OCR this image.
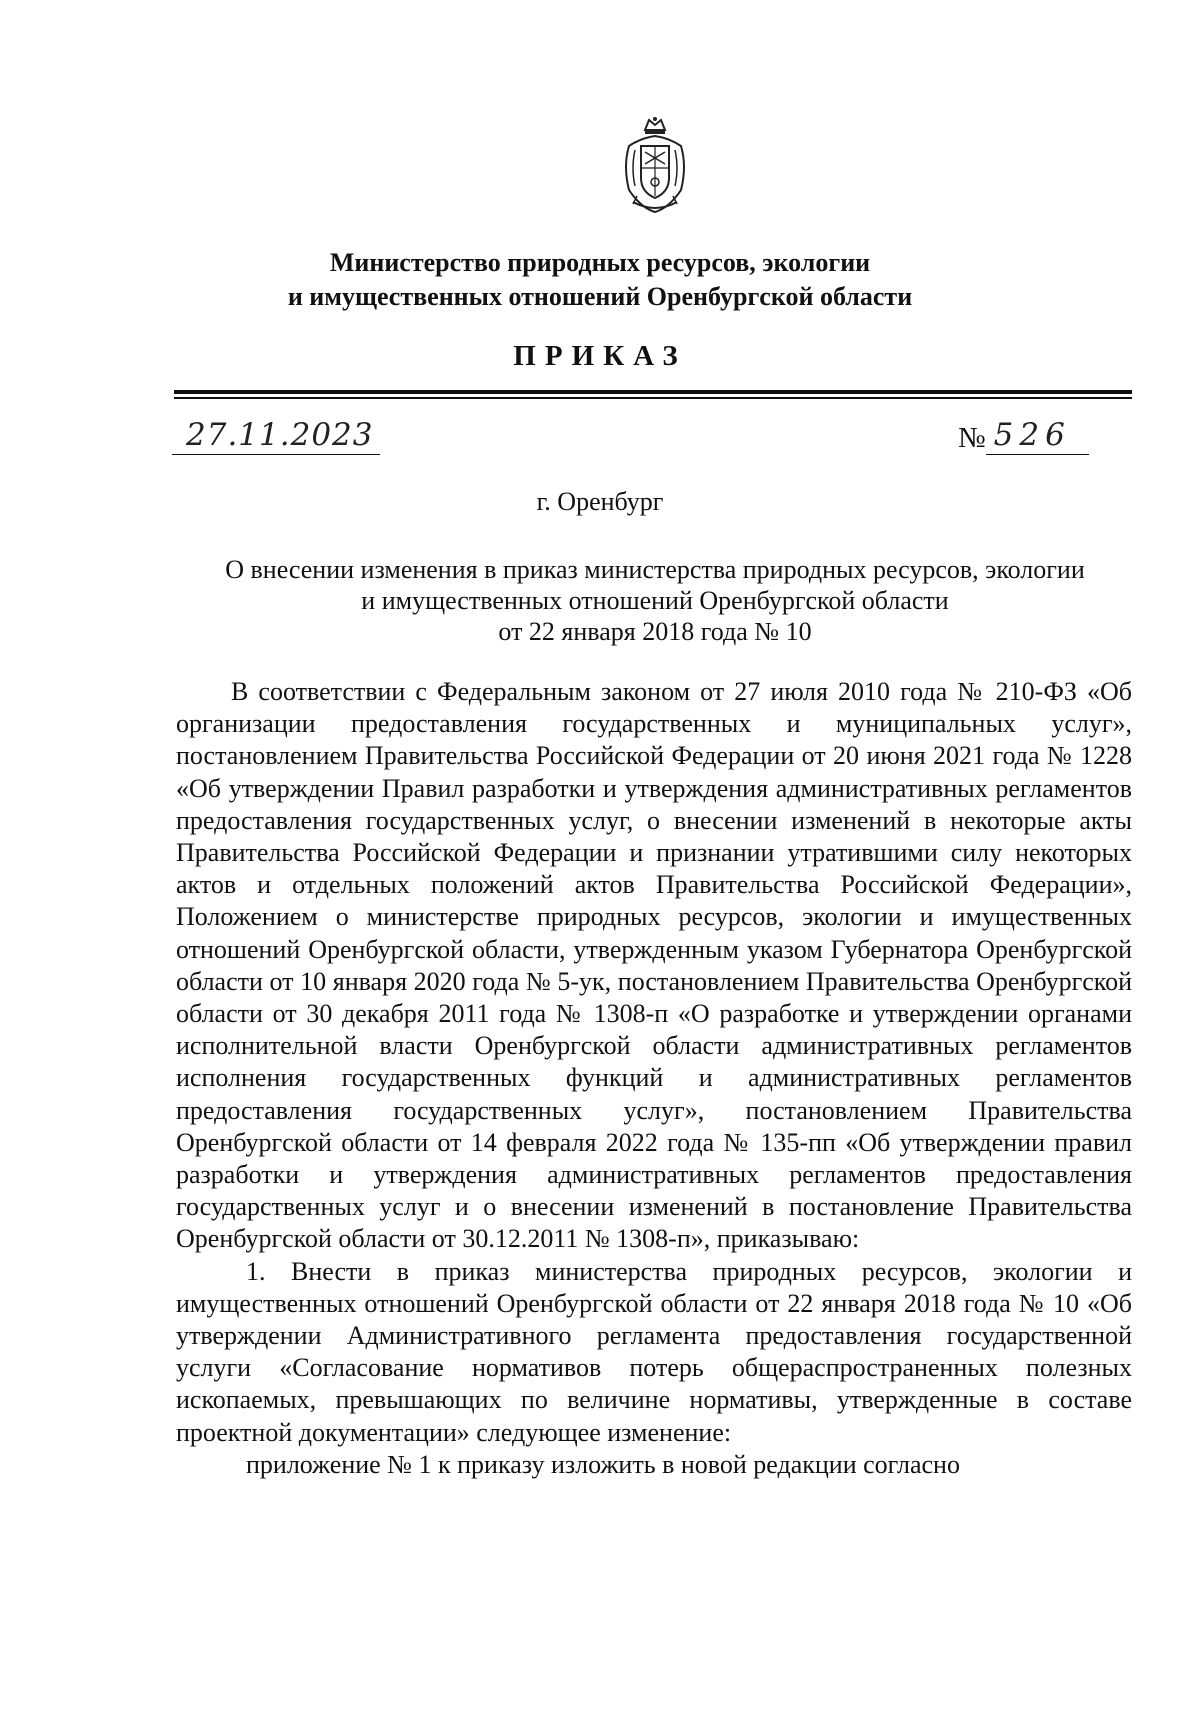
Министерство природных ресурсов, экологии
и имущественных отношений Оренбургской области
ПРИКАЗ
27.11.2023	№ 526
г. Оренбург
О внесении изменения в приказ министерства природных ресурсов, экологии
и имущественных отношений Оренбургской области
от 22 января 2018 года № 10

В соответствии с Федеральным законом от 27 июля 2010 года № 210-ФЗ «Об организации предоставления государственных и муниципальных услуг», постановлением Правительства Российской Федерации от 20 июня 2021 года № 1228 «Об утверждении Правил разработки и утверждения административных регламентов предоставления государственных услуг, о внесении изменений в некоторые акты Правительства Российской Федерации и признании утратившими силу некоторых актов и отдельных положений актов Правительства Российской Федерации», Положением о министерстве природных ресурсов, экологии и имущественных отношений Оренбургской области, утвержденным указом Губернатора Оренбургской области от 10 января 2020 года № 5-ук, постановлением Правительства Оренбургской области от 30 декабря 2011 года № 1308-п «О разработке и утверждении органами исполнительной власти Оренбургской области административных регламентов исполнения государственных функций и административных регламентов предоставления государственных услуг», постановлением Правительства Оренбургской области от 14 февраля 2022 года № 135-пп «Об утверждении правил разработки и утверждения административных регламентов предоставления государственных услуг и о внесении изменений в постановление Правительства Оренбургской области от 30.12.2011 № 1308-п», приказываю:

1. Внести в приказ министерства природных ресурсов, экологии и имущественных отношений Оренбургской области от 22 января 2018 года № 10 «Об утверждении Административного регламента предоставления государственной услуги «Согласование нормативов потерь общераспространенных полезных ископаемых, превышающих по величине нормативы, утвержденные в составе проектной документации» следующее изменение:

приложение № 1 к приказу изложить в новой редакции согласно
